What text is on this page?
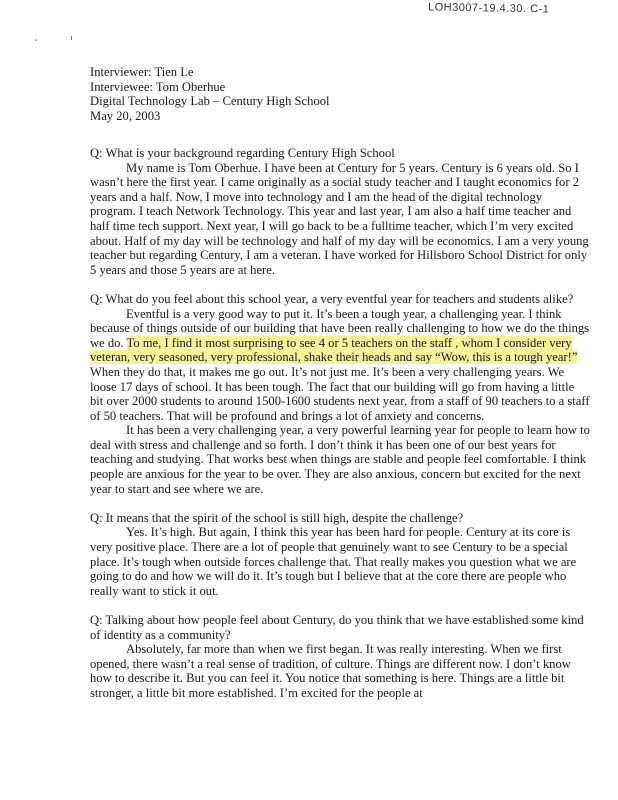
LOH3007-19.4.30. C-1
Interviewer: Tien Le
Interviewee: Tom Oberhue
Digital Technology Lab – Century High School
May 20, 2003

Q: What is your background regarding Century High School

My name is Tom Oberhue. I have been at Century for 5 years. Century is 6 years old. So I wasn’t here the first year. I came originally as a social study teacher and I taught economics for 2 years and a half. Now, I move into technology and I am the head of the digital technology program. I teach Network Technology. This year and last year, I am also a half time teacher and half time tech support. Next year, I will go back to be a fulltime teacher, which I’m very excited about. Half of my day will be technology and half of my day will be economics. I am a very young teacher but regarding Century, I am a veteran. I have worked for Hillsboro School District for only 5 years and those 5 years are at here.

Q: What do you feel about this school year, a very eventful year for teachers and students alike?

Eventful is a very good way to put it. It’s been a tough year, a challenging year. I think because of things outside of our building that have been really challenging to how we do the things we do. To me, I find it most surprising to see 4 or 5 teachers on the staff , whom I consider very veteran, very seasoned, very professional, shake their heads and say “Wow, this is a tough year!” When they do that, it makes me go out. It’s not just me. It’s been a very challenging years. We loose 17 days of school. It has been tough. The fact that our building will go from having a little bit over 2000 students to around 1500-1600 students next year, from a staff of 90 teachers to a staff of 50 teachers. That will be profound and brings a lot of anxiety and concerns.

It has been a very challenging year, a very powerful learning year for people to learn how to deal with stress and challenge and so forth. I don’t think it has been one of our best years for teaching and studying. That works best when things are stable and people feel comfortable. I think people are anxious for the year to be over. They are also anxious, concern but excited for the next year to start and see where we are.

Q: It means that the spirit of the school is still high, despite the challenge?

Yes. It’s high. But again, I think this year has been hard for people. Century at its core is very positive place. There are a lot of people that genuinely want to see Century to be a special place. It’s tough when outside forces challenge that. That really makes you question what we are going to do and how we will do it. It’s tough but I believe that at the core there are people who really want to stick it out.

Q: Talking about how people feel about Century, do you think that we have established some kind of identity as a community?

Absolutely, far more than when we first began. It was really interesting. When we first opened, there wasn’t a real sense of tradition, of culture. Things are different now. I don’t know how to describe it. But you can feel it. You notice that something is here. Things are a little bit stronger, a little bit more established. I’m excited for the people at
